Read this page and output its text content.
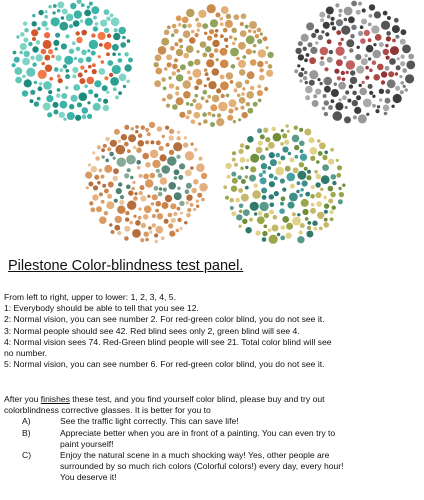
Pilestone Color-blindness test panel.
From left to right, upper to lower: 1, 2, 3, 4, 5.
1: Everybody should be able to tell that you see 12.
2: Normal vision, you can see number 2. For red-green color blind, you do not see it.
3: Normal people should see 42. Red blind sees only 2, green blind will see 4.
4: Normal vision sees 74. Red-Green blind people will see 21. Total color blind will see
no number.
5: Normal vision, you can see number 6. For red-green color blind, you do not see it.
After you finishes these test, and you find yourself color blind, please buy and try out
colorblindness corrective glasses. It is better for you to
A)	See the traffic light correctly. This can save life!
B)	Appreciate better when you are in front of a painting. You can even try to
paint yourself!
C)	Enjoy the natural scene in a much shocking way! Yes, other people are
surrounded by so much rich colors (Colorful colors!) every day, every hour!
You deserve it!
